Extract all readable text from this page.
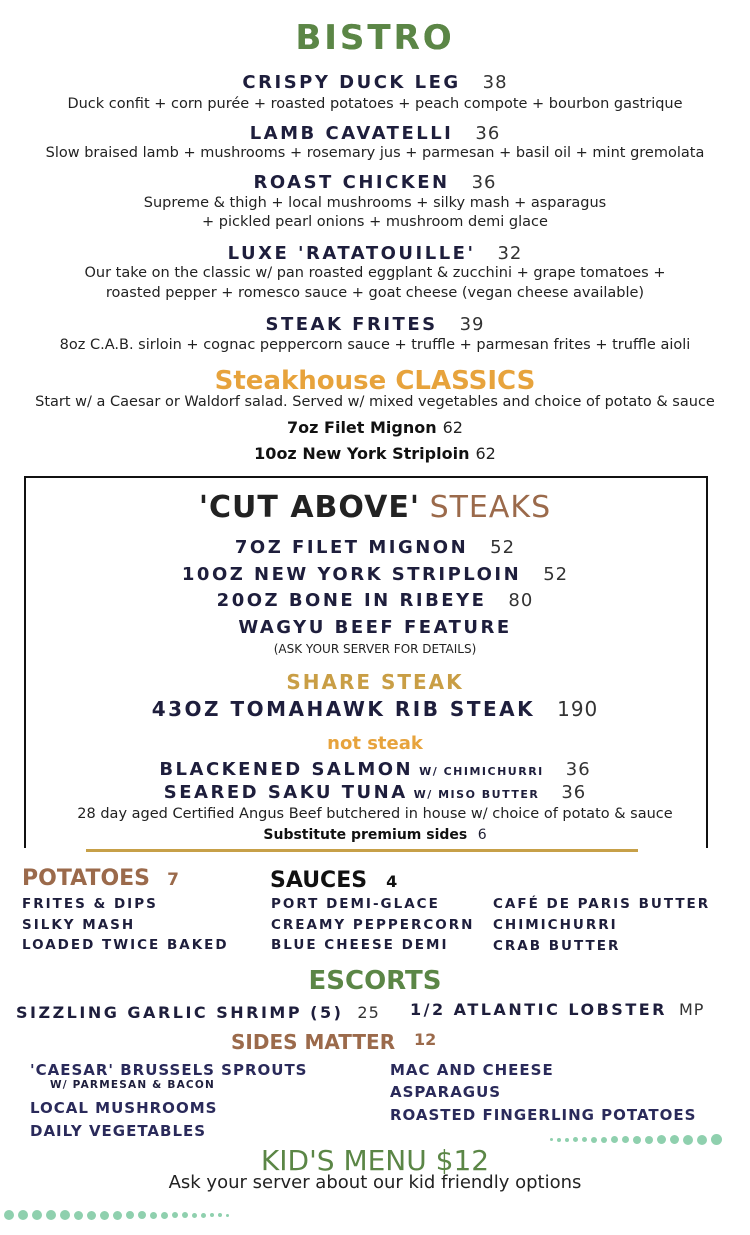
BISTRO
CRISPY DUCK LEG 38
Duck confit + corn purée + roasted potatoes + peach compote + bourbon gastrique
LAMB CAVATELLI 36
Slow braised lamb + mushrooms + rosemary jus + parmesan + basil oil + mint gremolata
ROAST CHICKEN 36
Supreme & thigh + local mushrooms + silky mash + asparagus
+ pickled pearl onions + mushroom demi glace
LUXE 'RATATOUILLE' 32
Our take on the classic w/ pan roasted eggplant & zucchini + grape tomatoes +
roasted pepper + romesco sauce + goat cheese (vegan cheese available)
STEAK FRITES 39
8oz C.A.B. sirloin + cognac peppercorn sauce + truffle + parmesan frites + truffle aioli
Steakhouse CLASSICS
Start w/ a Caesar or Waldorf salad. Served w/ mixed vegetables and choice of potato & sauce
7oz Filet Mignon 62
10oz New York Striploin 62
'CUT ABOVE' STEAKS
7OZ FILET MIGNON 52
10OZ NEW YORK STRIPLOIN 52
20OZ BONE IN RIBEYE 80
WAGYU BEEF FEATURE
(ASK YOUR SERVER FOR DETAILS)
SHARE STEAK
43OZ TOMAHAWK RIB STEAK 190
not steak
BLACKENED SALMON W/ CHIMICHURRI 36
SEARED SAKU TUNA W/ MISO BUTTER 36
28 day aged Certified Angus Beef butchered in house w/ choice of potato & sauce
Substitute premium sides 6
POTATOES 7
FRITES & DIPS
SILKY MASH
LOADED TWICE BAKED
SAUCES 4
PORT DEMI-GLACE
CREAMY PEPPERCORN
BLUE CHEESE DEMI
CAFÉ DE PARIS BUTTER
CHIMICHURRI
CRAB BUTTER
ESCORTS
SIZZLING GARLIC SHRIMP (5) 25 1/2 ATLANTIC LOBSTER MP
SIDES MATTER 12
'CAESAR' BRUSSELS SPROUTS
W/ PARMESAN & BACON
LOCAL MUSHROOMS
DAILY VEGETABLES
MAC AND CHEESE
ASPARAGUS
ROASTED FINGERLING POTATOES
KID'S MENU $12
Ask your server about our kid friendly options
